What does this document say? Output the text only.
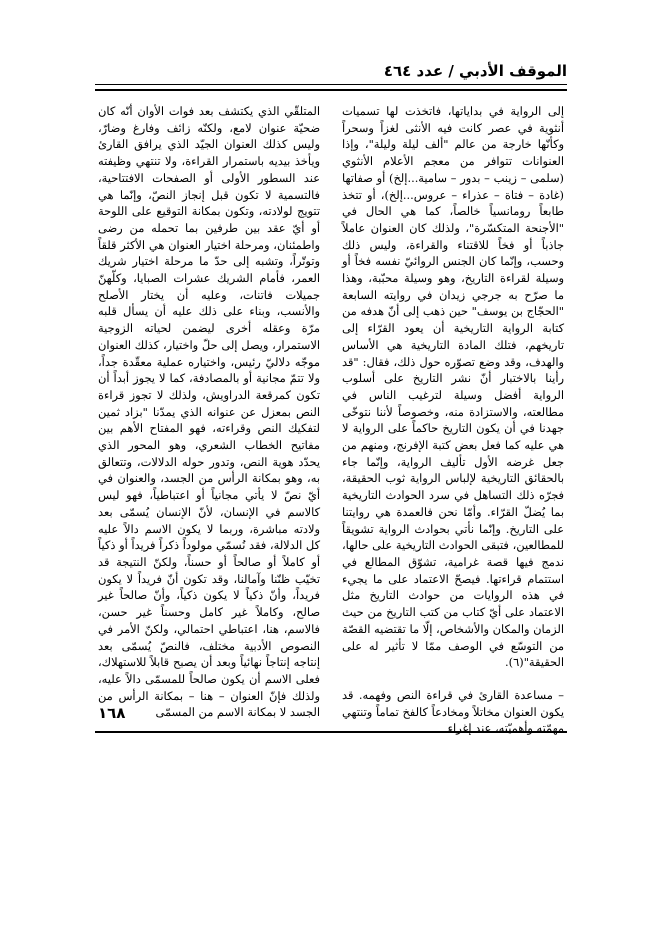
الموقف الأدبي / عدد ٤٦٤

إلى الرواية في بداياتها، فاتخذت لها تسميات أنثوية في عصر كانت فيه الأنثى لغزاً وسحراً وكأنّها خارجة من عالم "ألف ليلة وليلة"، وإذا العنوانات تتوافر من معجم الأعلام الأنثوي (سلمى – زينب – بدور – سامية...إلخ) أو صفاتها (غادة – فتاة – عذراء – عروس...إلخ)، أو تتخذ طابعاً رومانسياً خالصاً، كما هي الحال في "الأجنحة المتكسّرة"، ولذلك كان العنوان عاملاً جاذباً أو فخاً للاقتناء والقراءة، وليس ذلك وحسب، وإنّما كان الجنس الروائيّ نفسه فخاً أو وسيلة لقراءة التاريخ، وهو وسيلة محبّبة، وهذا ما صرّح به جرجي زيدان في روايته السابعة "الحجّاج بن يوسف" حين ذهب إلى أنّ هدفه من كتابة الرواية التاريخية أن يعود القرّاء إلى تاريخهم، فتلك المادة التاريخية هي الأساس والهدف، وقد وضع تصوّره حول ذلك، فقال: "قد رأينا بالاختبار أنّ نشر التاريخ على أسلوب الرواية أفضل وسيلة لترغيب الناس في مطالعته، والاستزادة منه، وخصوصاً لأننا نتوخّى جهدنا في أن يكون التاريخ حاكماً على الرواية لا هي عليه كما فعل بعض كتبة الإفرنج، ومنهم من جعل غرضه الأول تأليف الرواية، وإنّما جاء بالحقائق التاريخية لإلباس الرواية ثوب الحقيقة، فجرّه ذلك التساهل في سرد الحوادث التاريخية بما يُضلّ القرّاء. وأمّا نحن فالعمدة هي روايتنا على التاريخ. وإنّما نأتي بحوادث الرواية تشويقاً للمطالعين، فتبقى الحوادث التاريخية على حالها، ندمج فيها قصة غرامية، تشوّق المطالع في استتمام قراءتها. فيصحّ الاعتماد على ما يجيء في هذه الروايات من حوادث التاريخ مثل الاعتماد على أيّ كتاب من كتب التاريخ من حيث الزمان والمكان والأشخاص، إلّا ما تقتضيه القصّة من التوسّع في الوصف ممّا لا تأثير له على الحقيقة"(٦).

– مساعدة القارئ في قراءة النص وفهمه. قد يكون العنوان مخاتلاً ومخادعاً كالفخ تماماً وتنتهي مهمّته وأهميّته، عند إغراء

المتلقّي الذي يكتشف بعد فوات الأوان أنّه كان ضحيّة عنوان لامع، ولكنّه زائف وفارغ وضارّ، وليس كذلك العنوان الجيّد الذي يرافق القارئ ويأخذ بيديه باستمرار القراءة، ولا تنتهي وظيفته عند السطور الأولى أو الصفحات الافتتاحية، فالتسمية لا تكون قبل إنجاز النصّ، وإنّما هي تتويج لولادته، وتكون بمكانة التوقيع على اللوحة أو أيّ عقد بين طرفين بما تحمله من رضى واطمئنان، ومرحلة اختيار العنوان هي الأكثر قلقاً وتوتّراً، وتشبه إلى حدّ ما مرحلة اختيار شريك العمر، فأمام الشريك عشرات الصبايا، وكلّهنّ جميلات فاتنات، وعليه أن يختار الأصلح والأنسب، وبناء على ذلك عليه أن يسأل قلبه مرّة وعقله أخرى ليضمن لحياته الزوجية الاستمرار، ويصل إلى حلّ واختيار، كذلك العنوان موجّه دلاليّ رئيس، واختياره عملية معقّدة جداً، ولا تتمّ مجانية أو بالمصادفة، كما لا يجوز أبداً أن تكون كمرقعة الدراويش، ولذلك لا تجوز قراءة النص بمعزل عن عنوانه الذي يمدّنا "بزاد ثمين لتفكيك النص وقراءته، فهو المفتاح الأهم بين مفاتيح الخطاب الشعري، وهو المحور الذي يحدّد هوية النص، وتدور حوله الدلالات، وتتعالق به، وهو بمكانة الرأس من الجسد، والعنوان في أيّ نصّ لا يأتي مجانياً أو اعتباطياً، فهو ليس كالاسم في الإنسان، لأنّ الإنسان يُسمّى بعد ولادته مباشرة، وربما لا يكون الاسم دالاً عليه كل الدلالة، فقد نُسمّي مولوداً ذكراً فريداً أو ذكياً أو كاملاً أو صالحاً أو حسناً، ولكنّ النتيجة قد تخيّب ظنّنا وآمالنا، وقد تكون أنّ فريداً لا يكون فريداً، وأنّ ذكياً لا يكون ذكياً، وأنّ صالحاً غير صالح، وكاملاً غير كامل وحسناً غير حسن، فالاسم، هنا، اعتباطي احتمالي، ولكنّ الأمر في النصوص الأدبية مختلف، فالنصّ يُسمّى بعد إنتاجه إنتاجاً نهائياً وبعد أن يصبح قابلاً للاستهلاك، فعلى الاسم أن يكون صالحاً للمسمّى دالاً عليه، ولذلك فإنّ العنوان – هنا – بمكانة الرأس من الجسد لا بمكانة الاسم من المسمّى

١٦٨
